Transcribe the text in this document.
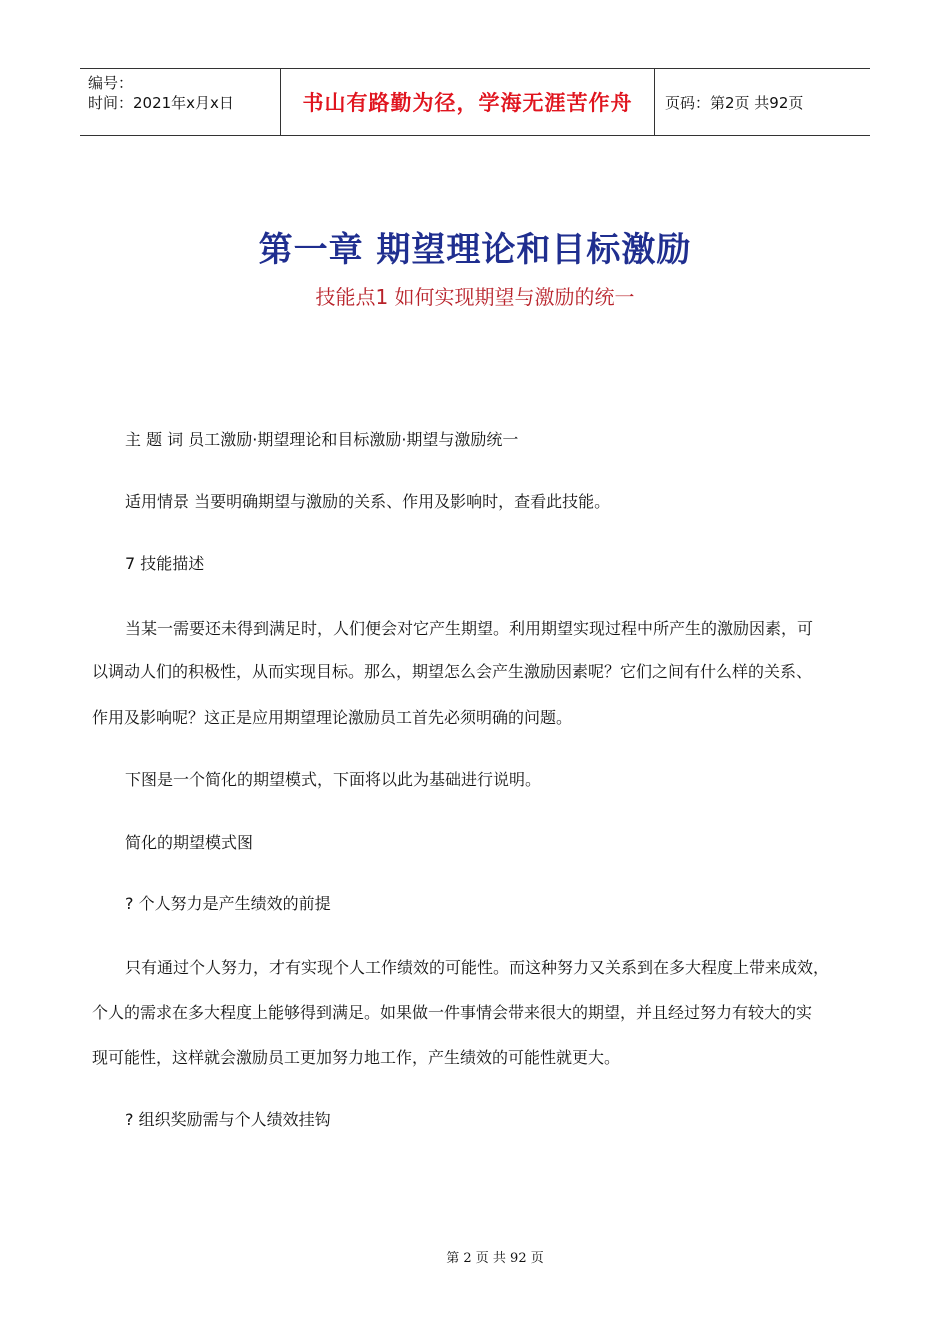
编号：
时间：2021年x月x日	书山有路勤为径，学海无涯苦作舟	页码：第2页 共92页
第一章 期望理论和目标激励
技能点1 如何实现期望与激励的统一
主 题 词 员工激励·期望理论和目标激励·期望与激励统一
适用情景 当要明确期望与激励的关系、作用及影响时，查看此技能。
7 技能描述
当某一需要还未得到满足时，人们便会对它产生期望。利用期望实现过程中所产生的激励因素，可
以调动人们的积极性，从而实现目标。那么，期望怎么会产生激励因素呢？它们之间有什么样的关系、
作用及影响呢？这正是应用期望理论激励员工首先必须明确的问题。
下图是一个简化的期望模式，下面将以此为基础进行说明。
简化的期望模式图
? 个人努力是产生绩效的前提
只有通过个人努力，才有实现个人工作绩效的可能性。而这种努力又关系到在多大程度上带来成效，
个人的需求在多大程度上能够得到满足。如果做一件事情会带来很大的期望，并且经过努力有较大的实
现可能性，这样就会激励员工更加努力地工作，产生绩效的可能性就更大。
? 组织奖励需与个人绩效挂钩
第 2 页 共 92 页
